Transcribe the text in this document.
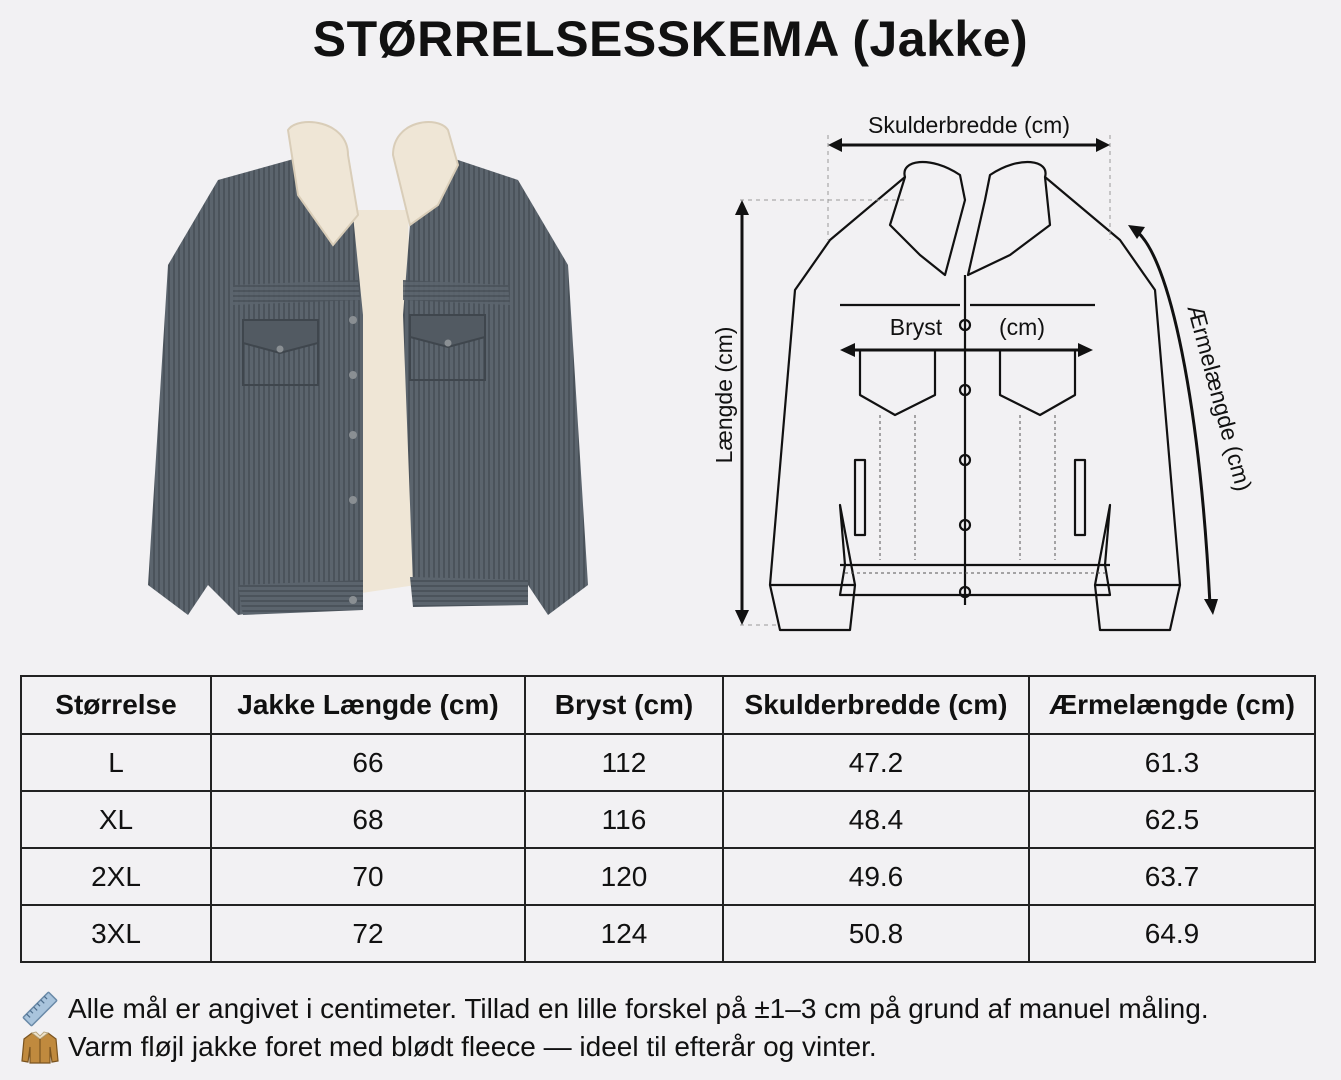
STØRRELSESSKEMA (Jakke)
Skulderbredde (cm)
Bryst (cm)
Længde (cm)	Ærmelængde (cm)
Størrelse	Jakke Længde (cm)	Bryst (cm)	Skulderbredde (cm)	Ærmelængde (cm)
L	66	112	47.2	61.3
XL	68	116	48.4	62.5
2XL	70	120	49.6	63.7
3XL	72	124	50.8	64.9
Alle mål er angivet i centimeter. Tillad en lille forskel på ±1–3 cm på grund af manuel måling.
Varm fløjl jakke foret med blødt fleece — ideel til efterår og vinter.
